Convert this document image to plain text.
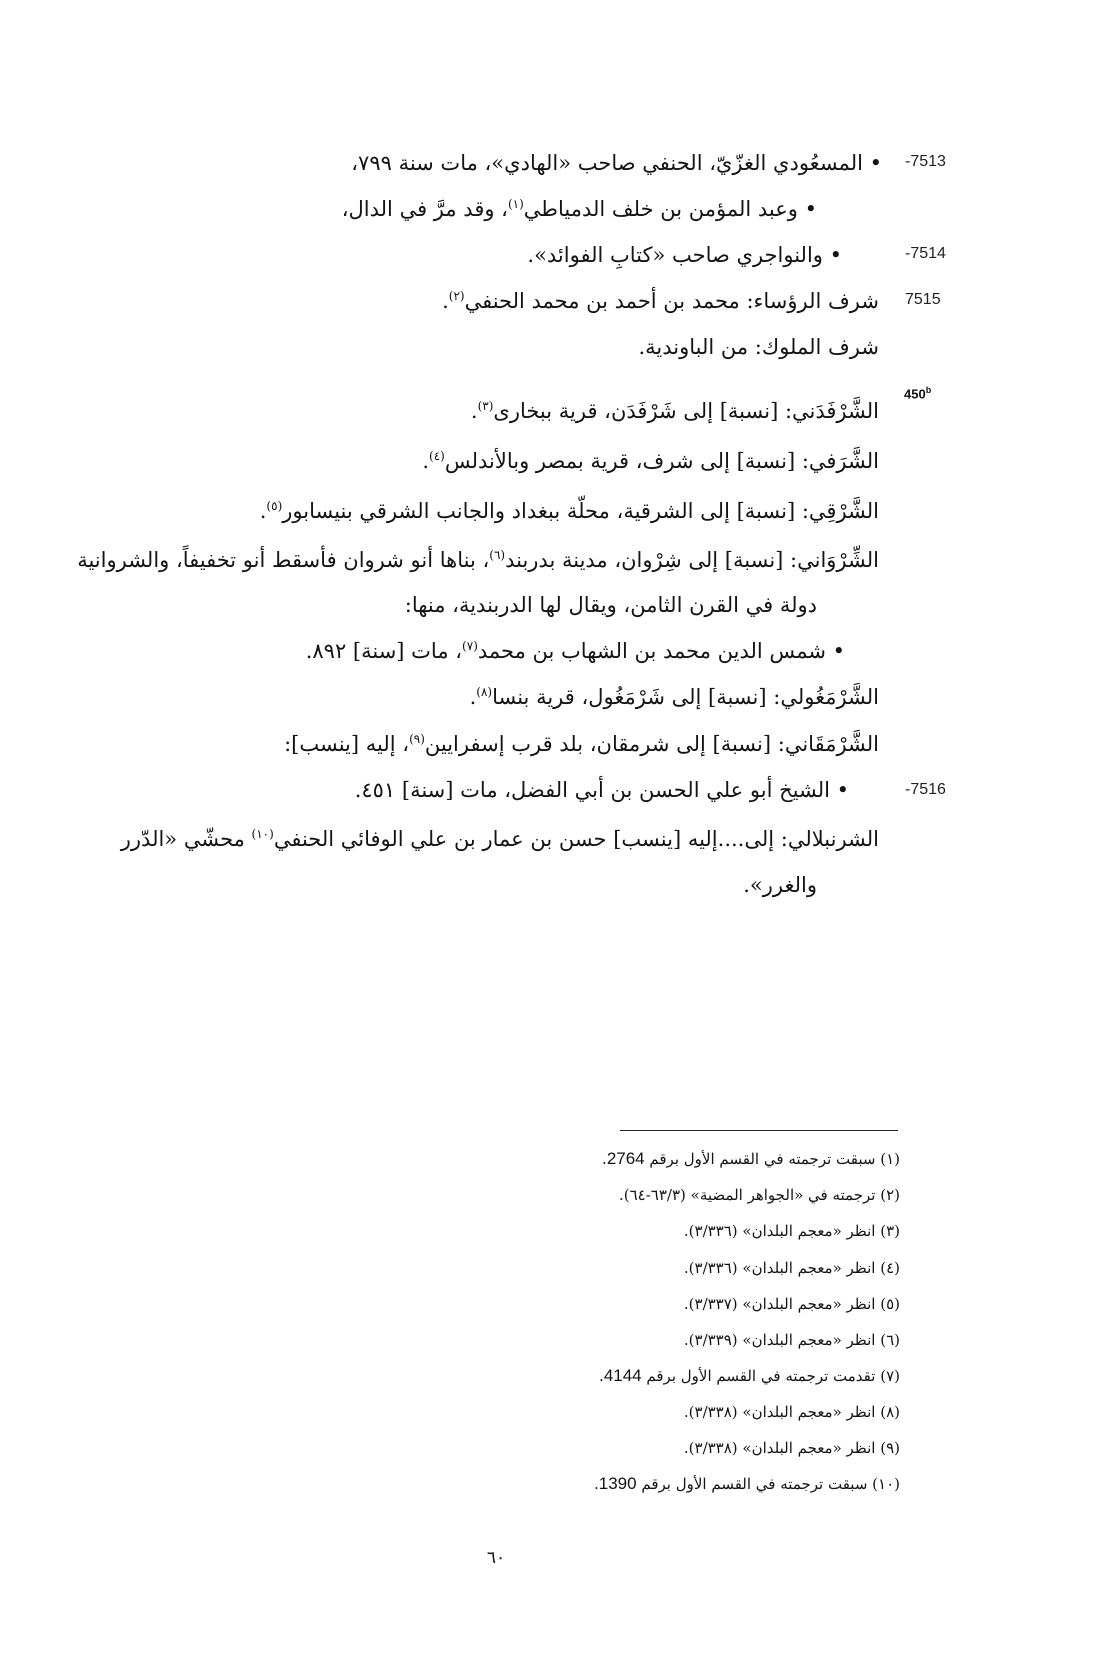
-7513
-7514
7515
-7516
450$^b$
• المسعُودي الغزّيّ، الحنفي صاحب «الهادي»، مات سنة ٧٩٩،
• وعبد المؤمن بن خلف الدمياطي$^{(١)}$، وقد مرَّ في الدال،
• والنواجري صاحب «كتابِ الفوائد».
شرف الرؤساء: محمد بن أحمد بن محمد الحنفي$^{(٢)}$.
شرف الملوك: من الباوندية.
الشَّرْفَدَني: [نسبة] إلى شَرْفَدَن، قرية ببخارى$^{(٣)}$.
الشَّرَفي: [نسبة] إلى شرف، قرية بمصر وبالأندلس$^{(٤)}$.
الشَّرْقِي: [نسبة] إلى الشرقية، محلّة ببغداد والجانب الشرقي بنيسابور$^{(٥)}$.
الشِّرْوَاني: [نسبة] إلى شِرْوان، مدينة بدربند$^{(٦)}$، بناها أنو شروان فأسقط أنو تخفيفاً، والشروانية
دولة في القرن الثامن، ويقال لها الدربندية، منها:
• شمس الدين محمد بن الشهاب بن محمد$^{(٧)}$، مات [سنة] ٨٩٢.
الشَّرْمَغُولي: [نسبة] إلى شَرْمَغُول، قرية بنسا$^{(٨)}$.
الشَّرْمَقَاني: [نسبة] إلى شرمقان، بلد قرب إسفرايين$^{(٩)}$، إليه [ينسب]:
• الشيخ أبو علي الحسن بن أبي الفضل، مات [سنة] ٤٥١.
الشرنبلالي: إلى....إليه [ينسب] حسن بن عمار بن علي الوفائي الحنفي$^{(١٠)}$ محشّي «الدّرر
والغرر».
(١) سبقت ترجمته في القسم الأول برقم 2764.
(٢) ترجمته في «الجواهر المضية» (٦٣/٣-٦٤).
(٣) انظر «معجم البلدان» (٣/٣٣٦).
(٤) انظر «معجم البلدان» (٣/٣٣٦).
(٥) انظر «معجم البلدان» (٣/٣٣٧).
(٦) انظر «معجم البلدان» (٣/٣٣٩).
(٧) تقدمت ترجمته في القسم الأول برقم 4144.
(٨) انظر «معجم البلدان» (٣/٣٣٨).
(٩) انظر «معجم البلدان» (٣/٣٣٨).
(١٠) سبقت ترجمته في القسم الأول برقم 1390.
٦٠
